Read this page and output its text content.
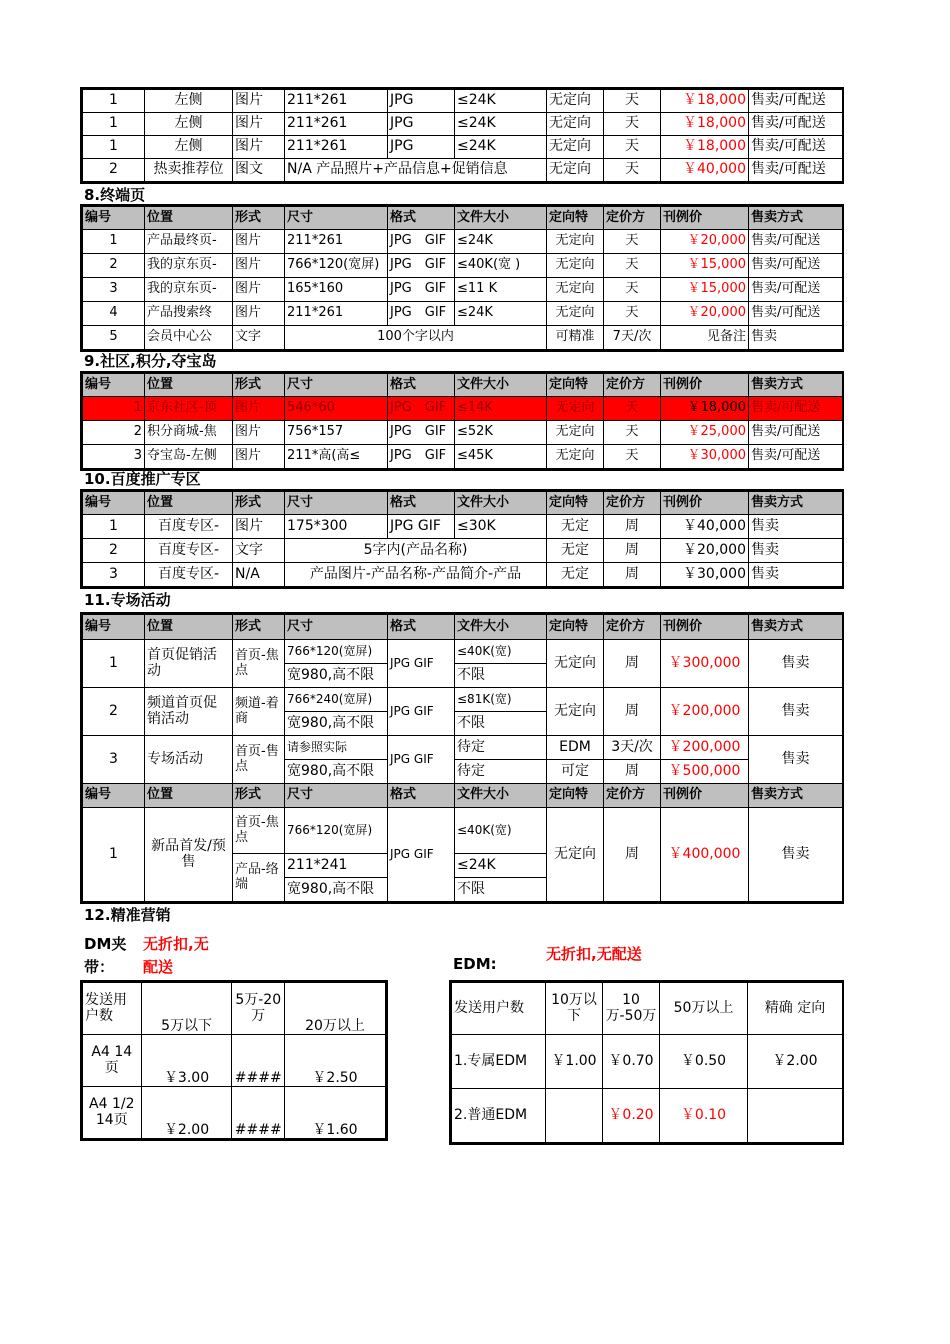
1	左侧	图片	211*261	JPG	≤24K	无定向	天	￥18,000	售卖/可配送
1	左侧	图片	211*261	JPG	≤24K	无定向	天	￥18,000	售卖/可配送
1	左侧	图片	211*261	JPG	≤24K	无定向	天	￥18,000	售卖/可配送
2	热卖推荐位	图文	N/A 产品照片+产品信息+促销信息			无定向	天	￥40,000	售卖/可配送
8.终端页
编号	位置	形式	尺寸	格式	文件大小	定向特	定价方	刊例价	售卖方式
1	产品最终页-	图片	211*261	JPG　GIF	≤24K	无定向	天	￥20,000	售卖/可配送
2	我的京东页-	图片	766*120(宽屏)	JPG　GIF	≤40K(宽 )	无定向	天	￥15,000	售卖/可配送
3	我的京东页-	图片	165*160	JPG　GIF	≤11 K	无定向	天	￥15,000	售卖/可配送
4	产品搜索终	图片	211*261	JPG　GIF	≤24K	无定向	天	￥20,000	售卖/可配送
5	会员中心公	文字	100个字以内			可精准	7天/次	见备注	售卖
9.社区,积分,夺宝岛
编号	位置	形式	尺寸	格式	文件大小	定向特	定价方	刊例价	售卖方式
1	京东社区-顶	图片	546*60	JPG　GIF	≤14K	无定向	天	￥18,000	售卖/可配送
2	积分商城-焦	图片	756*157	JPG　GIF	≤52K	无定向	天	￥25,000	售卖/可配送
3	夺宝岛-左侧	图片	211*高(高≤	JPG　GIF	≤45K	无定向	天	￥30,000	售卖/可配送
10.百度推广专区
编号	位置	形式	尺寸	格式	文件大小	定向特	定价方	刊例价	售卖方式
1	百度专区-	图片	175*300	JPG GIF	≤30K	无定	周	￥40,000	售卖
2	百度专区-	文字	5字内(产品名称)			无定	周	￥20,000	售卖
3	百度专区-	N/A	产品图片-产品名称-产品简介-产品			无定	周	￥30,000	售卖
11.专场活动
编号	位置	形式	尺寸	格式	文件大小	定向特	定价方	刊例价	售卖方式
1	首页促销活动	首页-焦点	766*120(宽屏)	JPG GIF	≤40K(宽)	无定向	周	￥300,000	售卖
			宽980,高不限		不限				
2	频道首页促销活动	频道-着商	766*240(宽屏)	JPG GIF	≤81K(宽)	无定向	周	￥200,000	售卖
			宽980,高不限		不限				
3	专场活动	首页-售点	请参照实际	JPG GIF	待定	EDM	3天/次	￥200,000	售卖
			宽980,高不限		待定	可定	周	￥500,000	
编号	位置	形式	尺寸	格式	文件大小	定向特	定价方	刊例价	售卖方式
1	新品首发/预售	首页-焦点	766*120(宽屏)	JPG GIF	≤40K(宽)	无定向	周	￥400,000	售卖

		产品-络端	211*241		≤24K				
			宽980,高不限		不限				
12.精准营销
DM夹带：
无折扣,无配送	EDM:
无折扣,无配送
发送用户数	5万以下	5万-20万	20万以上
A4 14页	￥3.00	####	￥2.50
A4 1/2 14页	￥2.00	####	￥1.60
发送用户数	10万以下	10万-50万	50万以上	精确 定向
1.专属EDM	￥1.00	￥0.70	￥0.50	￥2.00
2.普通EDM		￥0.20	￥0.10	
